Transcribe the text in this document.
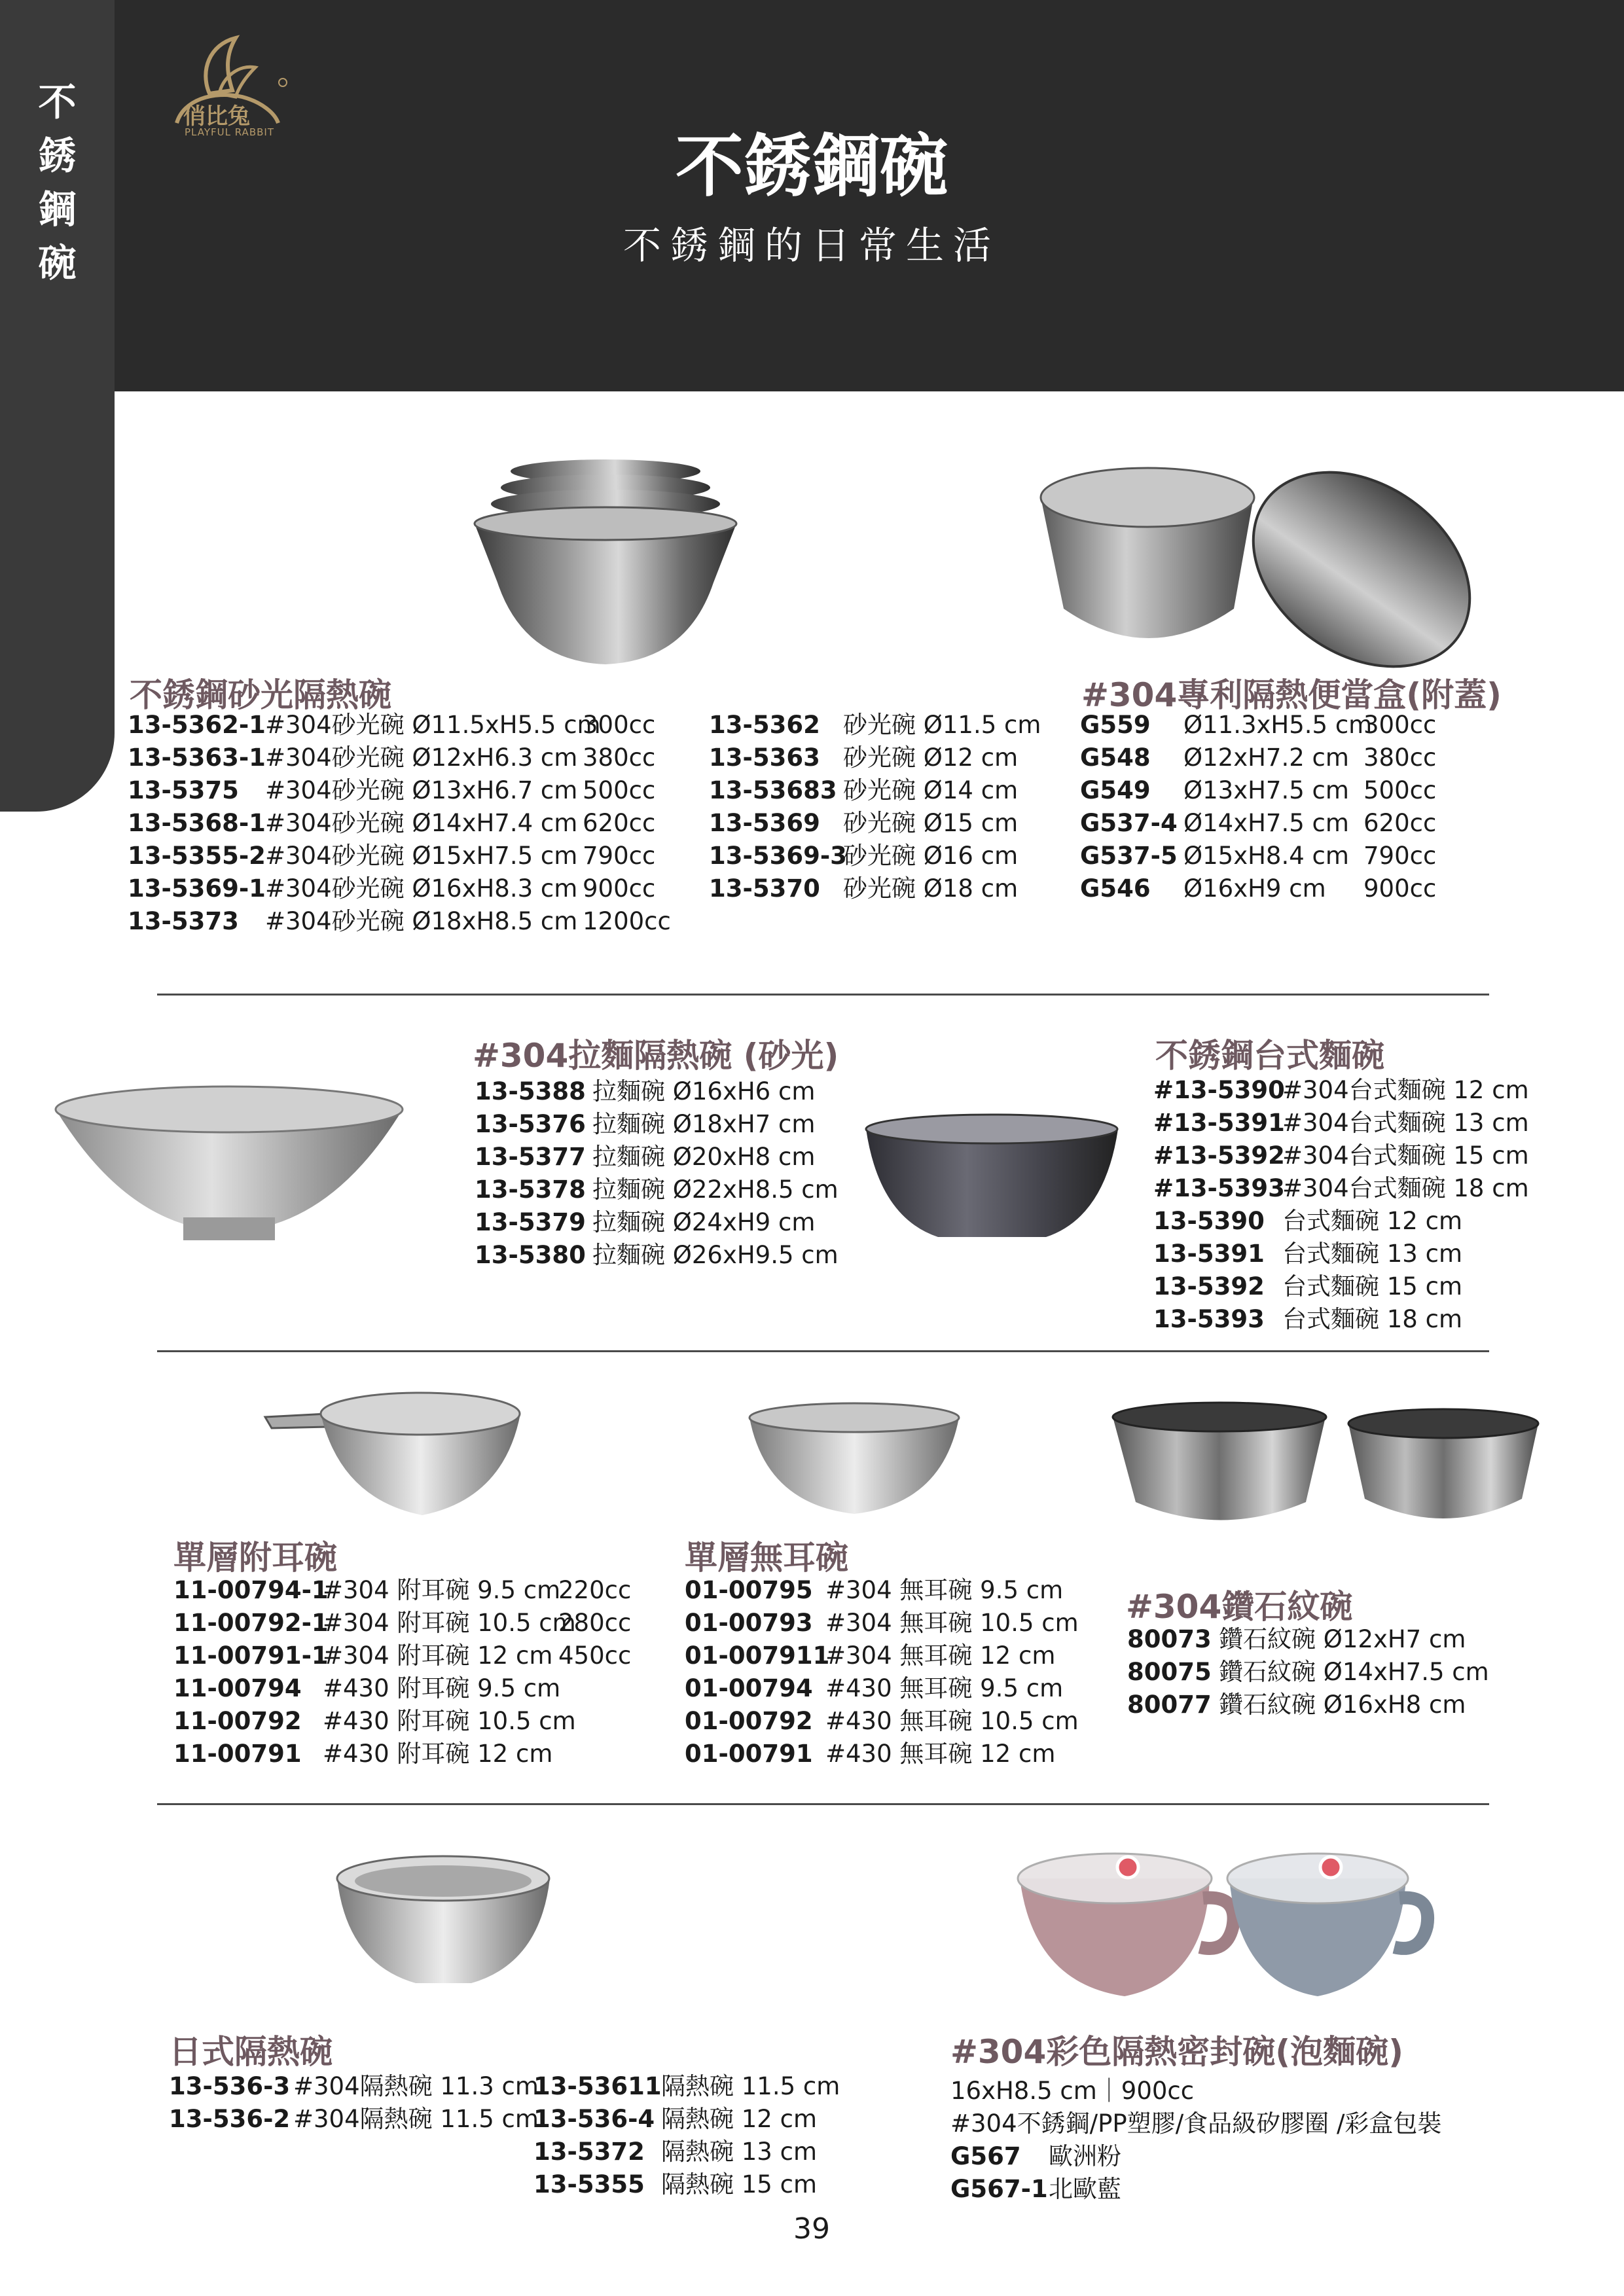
不
銹
鋼
碗
俏比兔
PLAYFUL RABBIT	不銹鋼碗
不銹鋼的日常生活
不銹鋼砂光隔熱碗
13-5362-1#304砂光碗 Ø11.5xH5.5 cm300cc
13-5363-1#304砂光碗 Ø12xH6.3 cm 380cc
13-5375 #304砂光碗 Ø13xH6.7 cm 500cc
13-5368-1#304砂光碗 Ø14xH7.4 cm 620cc
13-5355-2#304砂光碗 Ø15xH7.5 cm 790cc
13-5369-1#304砂光碗 Ø16xH8.3 cm 900cc
13-5373 #304砂光碗 Ø18xH8.5 cm 1200cc
13-5362 砂光碗 Ø11.5 cm
13-5363 砂光碗 Ø12 cm
13-53683 砂光碗 Ø14 cm
13-5369 砂光碗 Ø15 cm
13-5369-3砂光碗 Ø16 cm
13-5370 砂光碗 Ø18 cm
#304專利隔熱便當盒(附蓋)
G559 Ø11.3xH5.5 cm300cc
G548 Ø12xH7.2 cm 380cc
G549 Ø13xH7.5 cm 500cc
G537-4 Ø14xH7.5 cm 620cc
G537-5 Ø15xH8.4 cm 790cc
G546 Ø16xH9 cm 900cc
#304拉麵隔熱碗 (砂光)
13-5388 拉麵碗 Ø16xH6 cm
13-5376 拉麵碗 Ø18xH7 cm
13-5377 拉麵碗 Ø20xH8 cm
13-5378 拉麵碗 Ø22xH8.5 cm
13-5379 拉麵碗 Ø24xH9 cm
13-5380 拉麵碗 Ø26xH9.5 cm
不銹鋼台式麵碗
#13-5390#304台式麵碗 12 cm
#13-5391#304台式麵碗 13 cm
#13-5392#304台式麵碗 15 cm
#13-5393#304台式麵碗 18 cm
13-5390 台式麵碗 12 cm
13-5391 台式麵碗 13 cm
13-5392 台式麵碗 15 cm
13-5393 台式麵碗 18 cm
單層附耳碗
11-00794-1#304 附耳碗 9.5 cm220cc
11-00792-1#304 附耳碗 10.5 cm280cc
11-00791-1#304 附耳碗 12 cm 450cc
11-00794 #430 附耳碗 9.5 cm
11-00792 #430 附耳碗 10.5 cm
11-00791 #430 附耳碗 12 cm
單層無耳碗
01-00795 #304 無耳碗 9.5 cm
01-00793 #304 無耳碗 10.5 cm
01-007911#304 無耳碗 12 cm
01-00794 #430 無耳碗 9.5 cm
01-00792 #430 無耳碗 10.5 cm
01-00791 #430 無耳碗 12 cm
#304鑽石紋碗
80073 鑽石紋碗 Ø12xH7 cm
80075 鑽石紋碗 Ø14xH7.5 cm
80077 鑽石紋碗 Ø16xH8 cm
日式隔熱碗
13-536-3 #304隔熱碗 11.3 cm
13-536-2 #304隔熱碗 11.5 cm
13-53611隔熱碗 11.5 cm
13-536-4 隔熱碗 12 cm
13-5372 隔熱碗 13 cm
13-5355 隔熱碗 15 cm
#304彩色隔熱密封碗(泡麵碗)
16xH8.5 cm｜900cc
#304不銹鋼/PP塑膠/食品級矽膠圈 /彩盒包裝
G567 歐洲粉
G567-1北歐藍
39
